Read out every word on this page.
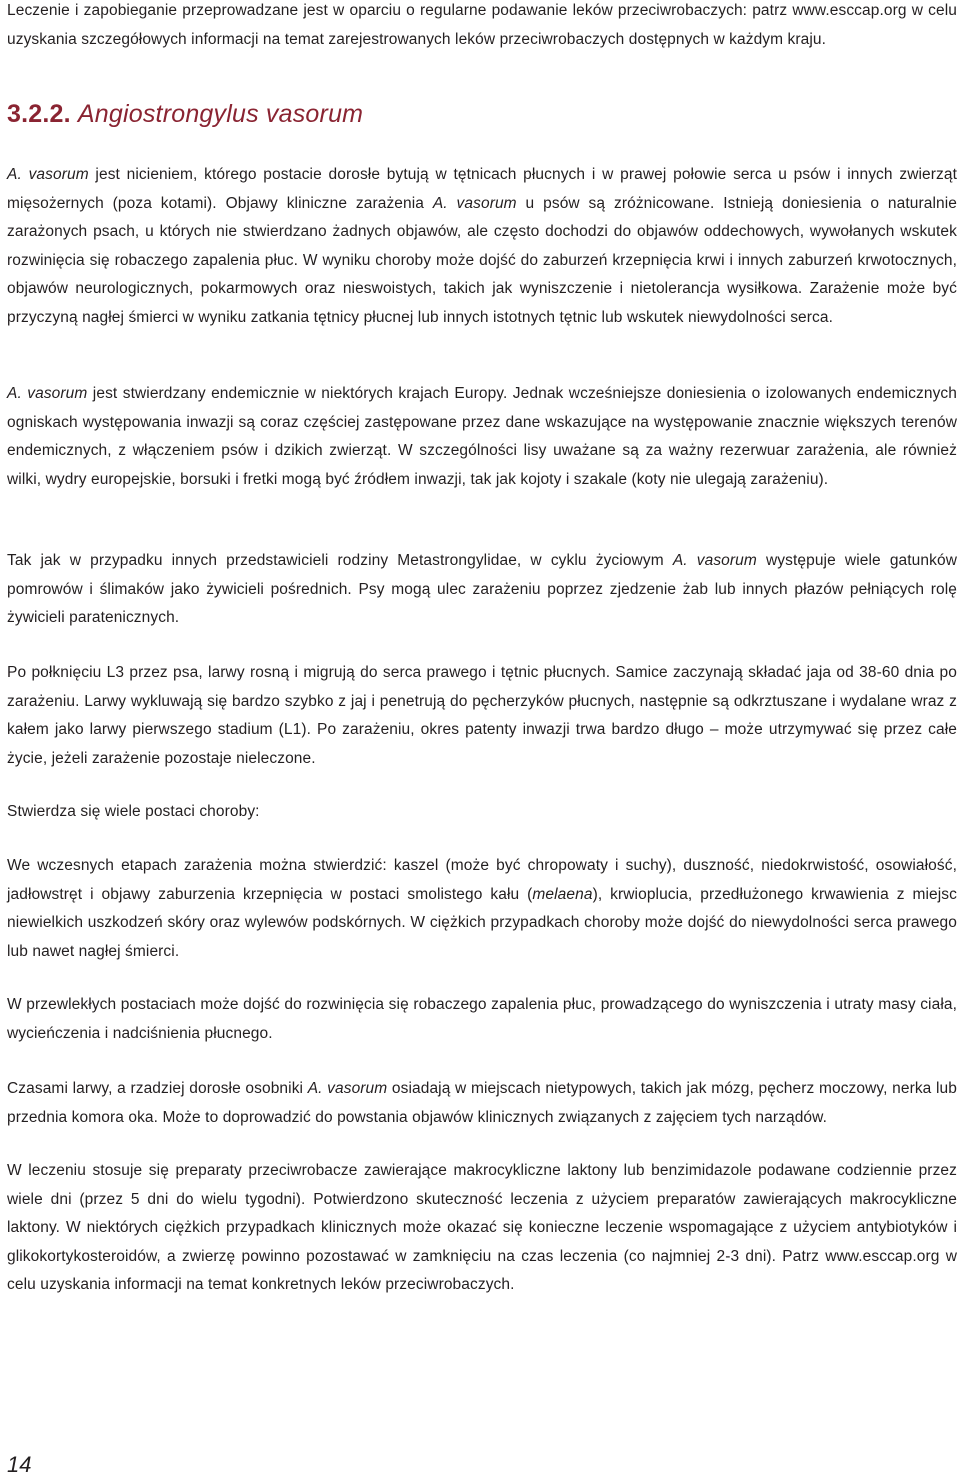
Leczenie i zapobieganie przeprowadzane jest w oparciu o regularne podawanie leków przeciwrobaczych: patrz www.esccap.org w celu uzyskania szczegółowych informacji na temat zarejestrowanych leków przeciwrobaczych dostępnych w każdym kraju.

3.2.2. Angiostrongylus vasorum

A. vasorum jest nicieniem, którego postacie dorosłe bytują w tętnicach płucnych i w prawej połowie serca u psów i innych zwierząt mięsożernych (poza kotami). Objawy kliniczne zarażenia A. vasorum u psów są zróżnicowane. Istnieją doniesienia o naturalnie zarażonych psach, u których nie stwierdzano żadnych objawów, ale często dochodzi do objawów oddechowych, wywołanych wskutek rozwinięcia się robaczego zapalenia płuc. W wyniku choroby może dojść do zaburzeń krzepnięcia krwi i innych zaburzeń krwotocznych, objawów neurologicznych, pokarmowych oraz nieswoistych, takich jak wyniszczenie i nietolerancja wysiłkowa. Zarażenie może być przyczyną nagłej śmierci w wyniku zatkania tętnicy płucnej lub innych istotnych tętnic lub wskutek niewydolności serca.

A. vasorum jest stwierdzany endemicznie w niektórych krajach Europy. Jednak wcześniejsze doniesienia o izolowanych endemicznych ogniskach występowania inwazji są coraz częściej zastępowane przez dane wskazujące na występowanie znacznie większych terenów endemicznych, z włączeniem psów i dzikich zwierząt. W szczególności lisy uważane są za ważny rezerwuar zarażenia, ale również wilki, wydry europejskie, borsuki i fretki mogą być źródłem inwazji, tak jak kojoty i szakale (koty nie ulegają zarażeniu).

Tak jak w przypadku innych przedstawicieli rodziny Metastrongylidae, w cyklu życiowym A. vasorum występuje wiele gatunków pomrowów i ślimaków jako żywicieli pośrednich. Psy mogą ulec zarażeniu poprzez zjedzenie żab lub innych płazów pełniących rolę żywicieli paratenicznych.

Po połknięciu L3 przez psa, larwy rosną i migrują do serca prawego i tętnic płucnych. Samice zaczynają składać jaja od 38-60 dnia po zarażeniu. Larwy wykluwają się bardzo szybko z jaj i penetrują do pęcherzyków płucnych, następnie są odkrztuszane i wydalane wraz z kałem jako larwy pierwszego stadium (L1). Po zarażeniu, okres patenty inwazji trwa bardzo długo – może utrzymywać się przez całe życie, jeżeli zarażenie pozostaje nieleczone.

Stwierdza się wiele postaci choroby:

We wczesnych etapach zarażenia można stwierdzić: kaszel (może być chropowaty i suchy), duszność, niedokrwistość, osowiałość, jadłowstręt i objawy zaburzenia krzepnięcia w postaci smolistego kału (melaena), krwioplucia, przedłużonego krwawienia z miejsc niewielkich uszkodzeń skóry oraz wylewów podskórnych. W ciężkich przypadkach choroby może dojść do niewydolności serca prawego lub nawet nagłej śmierci.

W przewlekłych postaciach może dojść do rozwinięcia się robaczego zapalenia płuc, prowadzącego do wyniszczenia i utraty masy ciała, wycieńczenia i nadciśnienia płucnego.

Czasami larwy, a rzadziej dorosłe osobniki A. vasorum osiadają w miejscach nietypowych, takich jak mózg, pęcherz moczowy, nerka lub przednia komora oka. Może to doprowadzić do powstania objawów klinicznych związanych z zajęciem tych narządów.

W leczeniu stosuje się preparaty przeciwrobacze zawierające makrocykliczne laktony lub benzimidazole podawane codziennie przez wiele dni (przez 5 dni do wielu tygodni). Potwierdzono skuteczność leczenia z użyciem preparatów zawierających makrocykliczne laktony. W niektórych ciężkich przypadkach klinicznych może okazać się konieczne leczenie wspomagające z użyciem antybiotyków i glikokortykosteroidów, a zwierzę powinno pozostawać w zamknięciu na czas leczenia (co najmniej 2-3 dni). Patrz www.esccap.org w celu uzyskania informacji na temat konkretnych leków przeciwrobaczych.

14
